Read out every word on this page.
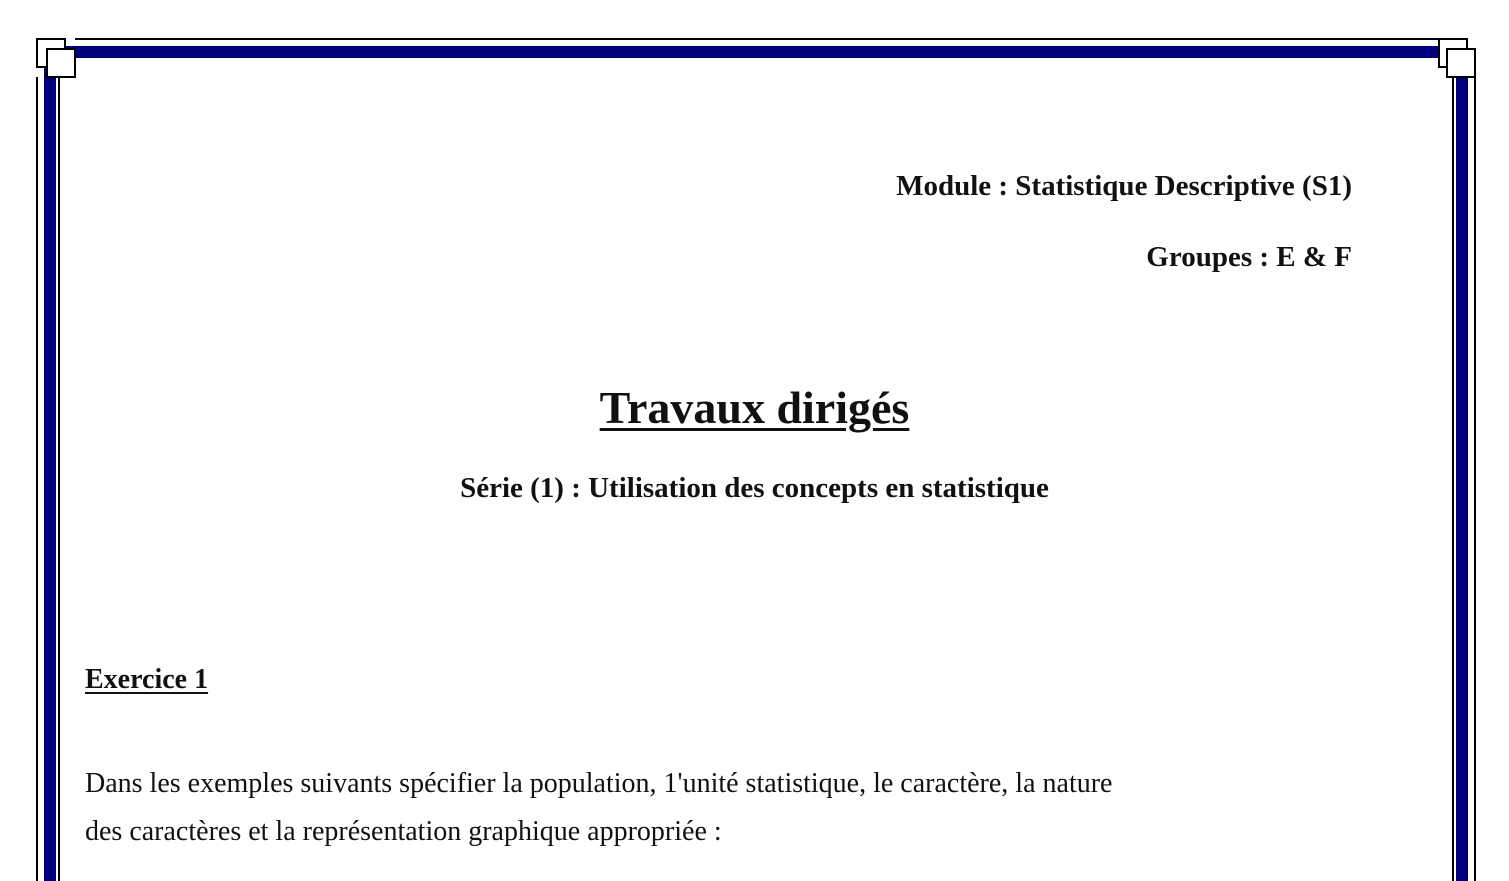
Module : Statistique Descriptive (S1)
Groupes : E & F
Travaux dirigés
Série (1) : Utilisation des concepts en statistique
Exercice 1
Dans les exemples suivants spécifier la population, 1'unité statistique, le caractère, la nature
des caractères et la représentation graphique appropriée :
